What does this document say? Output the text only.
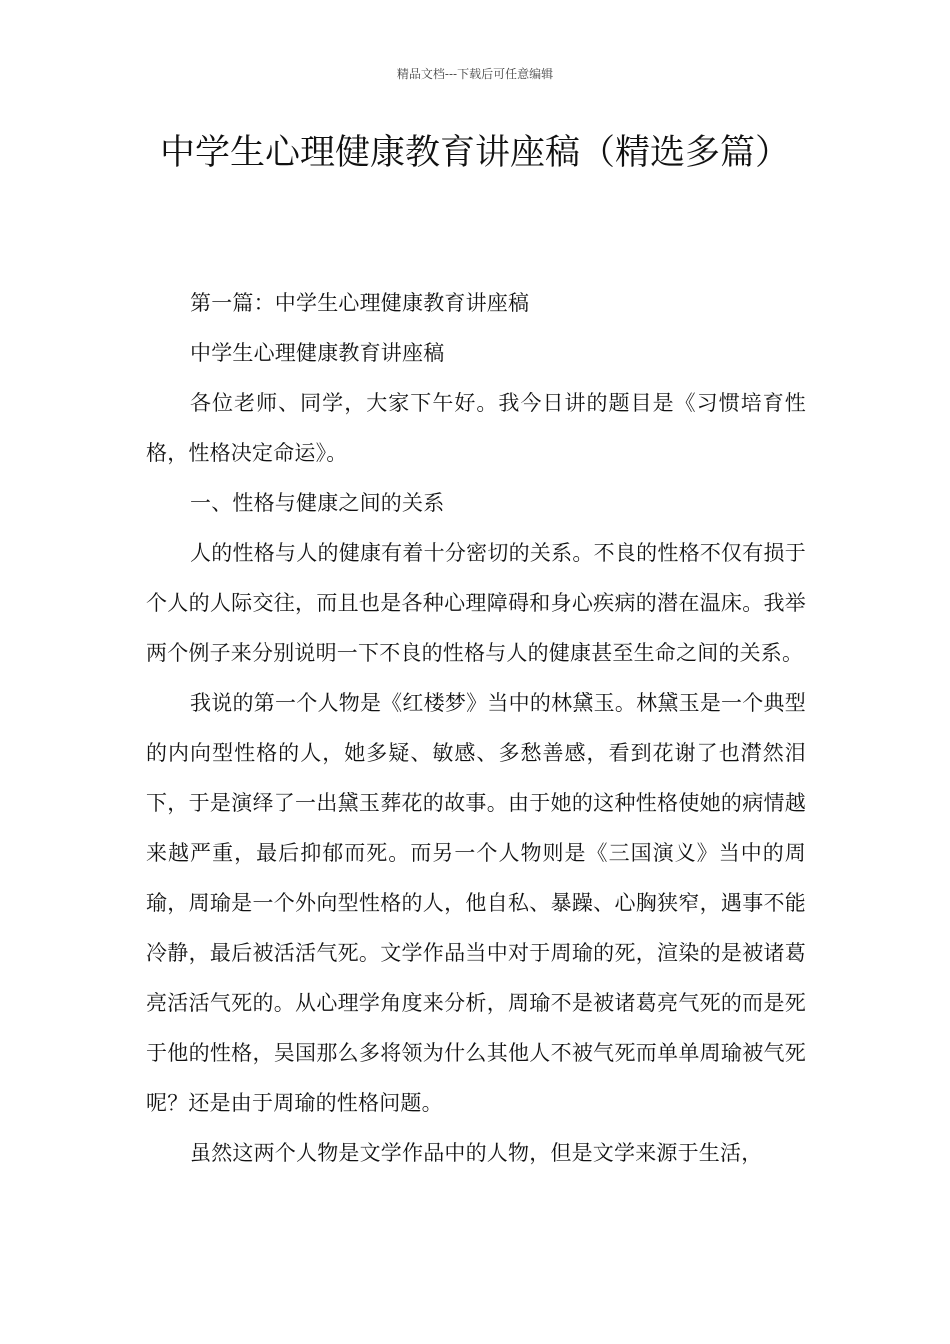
精品文档---下载后可任意编辑
中学生心理健康教育讲座稿（精选多篇）

第一篇：中学生心理健康教育讲座稿

中学生心理健康教育讲座稿

各位老师、同学，大家下午好。我今日讲的题目是《习惯培育性格，性格决定命运》。

一、性格与健康之间的关系

人的性格与人的健康有着十分密切的关系。不良的性格不仅有损于个人的人际交往，而且也是各种心理障碍和身心疾病的潜在温床。我举两个例子来分别说明一下不良的性格与人的健康甚至生命之间的关系。

我说的第一个人物是《红楼梦》当中的林黛玉。林黛玉是一个典型的内向型性格的人，她多疑、敏感、多愁善感，看到花谢了也潸然泪下，于是演绎了一出黛玉葬花的故事。由于她的这种性格使她的病情越来越严重，最后抑郁而死。而另一个人物则是《三国演义》当中的周瑜，周瑜是一个外向型性格的人，他自私、暴躁、心胸狭窄，遇事不能冷静，最后被活活气死。文学作品当中对于周瑜的死，渲染的是被诸葛亮活活气死的。从心理学角度来分析，周瑜不是被诸葛亮气死的而是死于他的性格，吴国那么多将领为什么其他人不被气死而单单周瑜被气死呢？还是由于周瑜的性格问题。

虽然这两个人物是文学作品中的人物，但是文学来源于生活，
